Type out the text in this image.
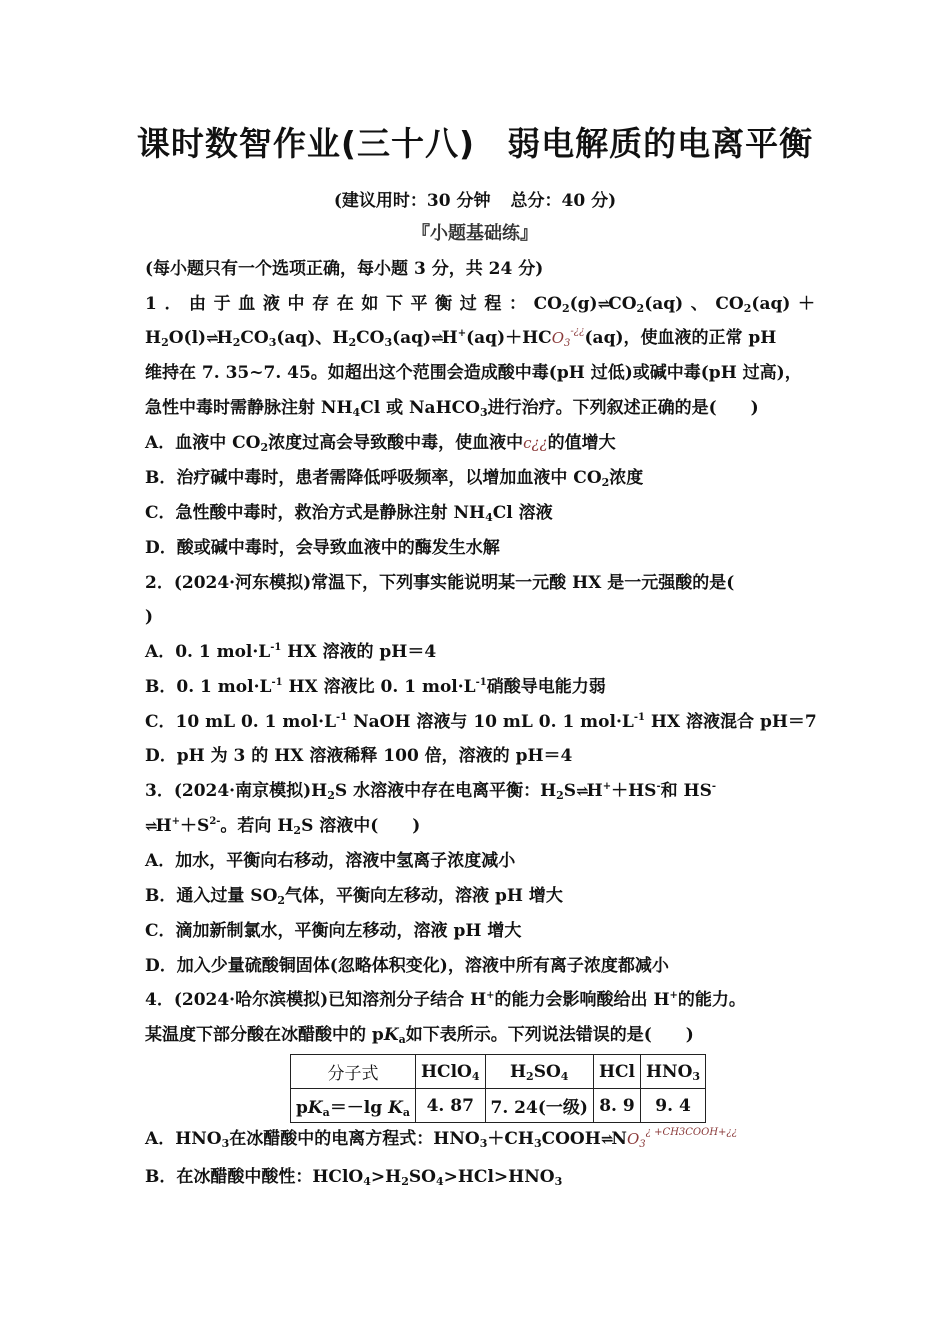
课时数智作业(三十八) 弱电解质的电离平衡
(建议用时：30 分钟 总分：40 分)
『小题基础练』
(每小题只有一个选项正确，每小题 3 分，共 24 分)
1．由于血液中存在如下平衡过程：$CO_2(g)\rightleftharpoons CO_2(aq)$、$CO_2(aq)+$
$H_2O(l)\rightleftharpoons H_2CO_3(aq)$、$H_2CO_3(aq)\rightleftharpoons H^+(aq)+HCO_3^{-¿¿}(aq)$，使血液的正常 pH
维持在 7. 35~7. 45。如超出这个范围会造成酸中毒(pH 过低)或碱中毒(pH 过高)，
急性中毒时需静脉注射 $NH_4Cl$ 或 NaHCO$_3$进行治疗。下列叙述正确的是(　　)
A．血液中 $CO_2$浓度过高会导致酸中毒，使血液中c¿¿的值增大
B．治疗碱中毒时，患者需降低呼吸频率，以增加血液中 $CO_2$浓度
C．急性酸中毒时，救治方式是静脉注射 $NH_4Cl$ 溶液
D．酸或碱中毒时，会导致血液中的酶发生水解
2．(2024·河东模拟)常温下，下列事实能说明某一元酸 HX 是一元强酸的是(
)
A．0. 1 $mol\cdot L^{-1}$ HX 溶液的 pH＝4
B．0. 1 $mol\cdot L^{-1}$ HX 溶液比 0. 1 $mol\cdot L^{-1}$硝酸导电能力弱
C．10 mL 0. 1 $mol\cdot L^{-1}$ NaOH 溶液与 10 mL 0. 1 $mol\cdot L^{-1}$ HX 溶液混合 pH＝7
D．pH 为 3 的 HX 溶液稀释 100 倍，溶液的 pH＝4
3．(2024·南京模拟)$H_2S$ 水溶液中存在电离平衡：$H_2S\rightleftharpoons H^++HS^-$和 HS-
$\rightleftharpoons H^++S^{2-}$。若向 $H_2S$ 溶液中(　　)
A．加水，平衡向右移动，溶液中氢离子浓度减小
B．通入过量 $SO_2$气体，平衡向左移动，溶液 pH 增大
C．滴加新制氯水，平衡向左移动，溶液 pH 增大
D．加入少量硫酸铜固体(忽略体积变化)，溶液中所有离子浓度都减小
4．(2024·哈尔滨模拟)已知溶剂分子结合 H+的能力会影响酸给出 H+的能力。
某温度下部分酸在冰醋酸中的 $pK_a$如下表所示。下列说法错误的是(　　)
分子式	HClO$_4$	$H_2SO_4$	HCl	$HNO_3$
$pK_a=-\lg$ $K_a$	4. 87	7. 24(一级)	8. 9	9. 4
A．$HNO_3$在冰醋酸中的电离方程式：$HNO_3+CH_3COOH\rightleftharpoons NO_3^{¿ +CH3COOH+¿¿}$
B．在冰醋酸中酸性：$HClO_4>H_2SO_4>HCl>HNO_3$
